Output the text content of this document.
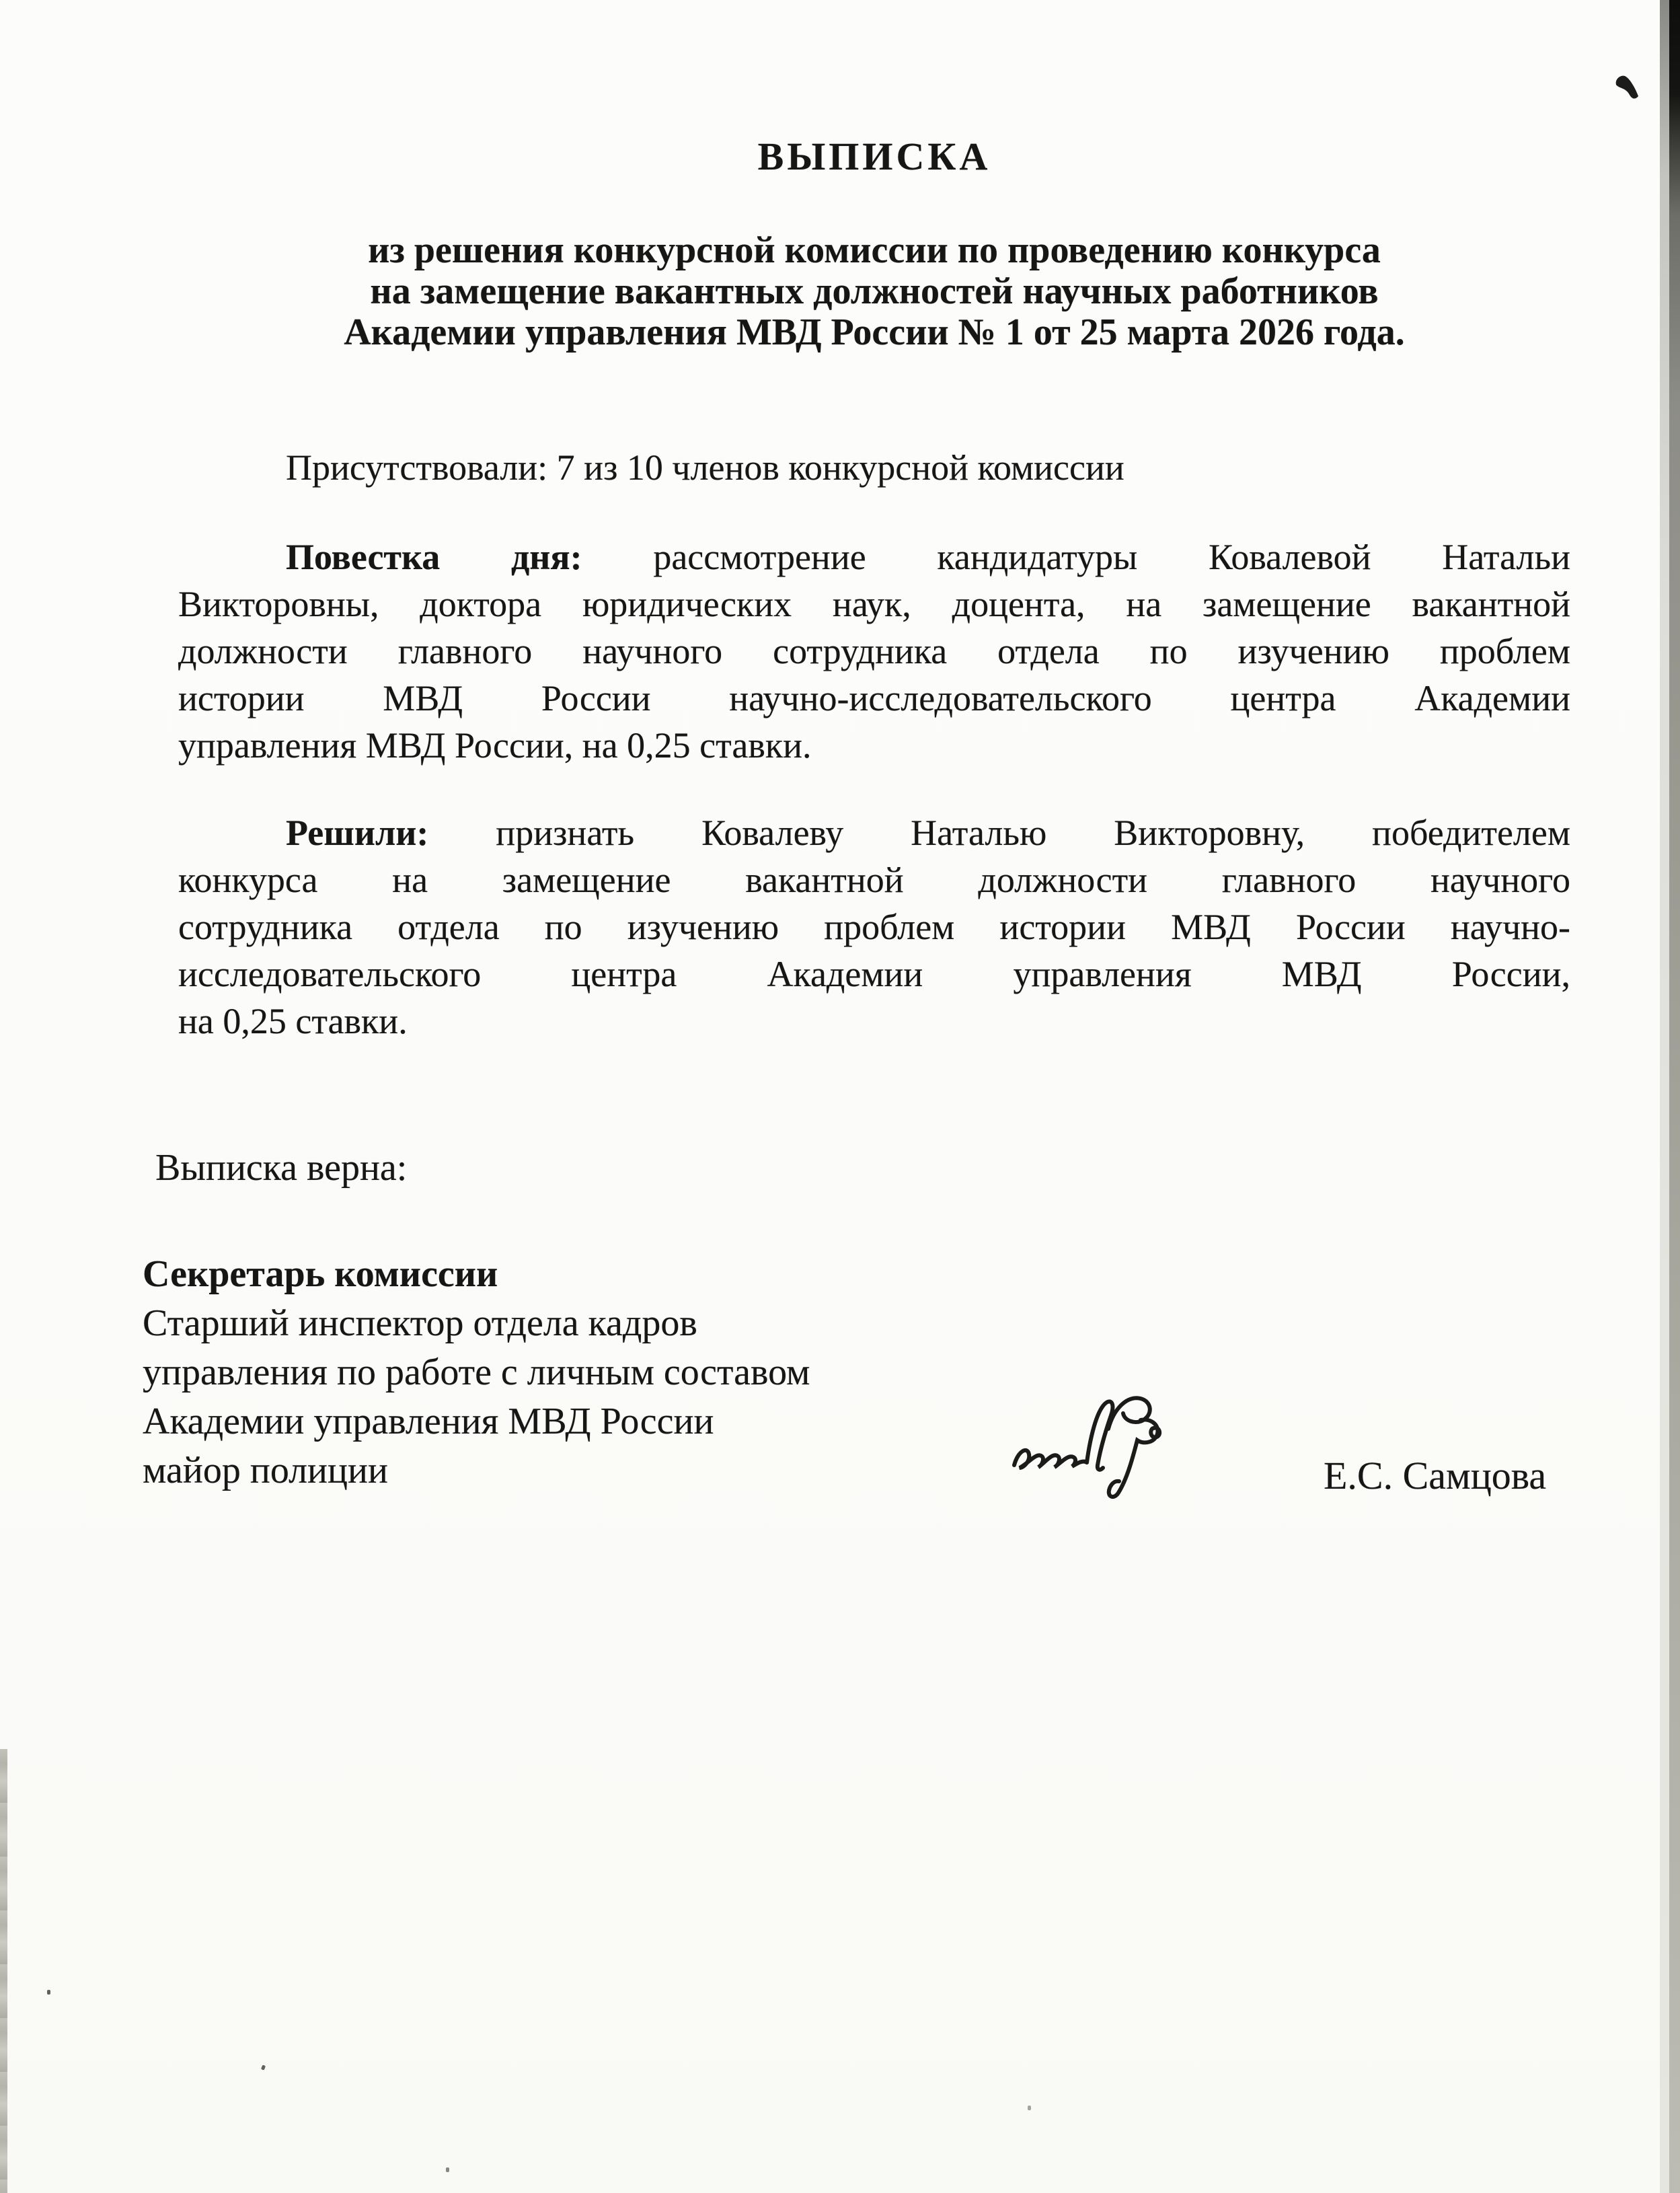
ВЫПИСКА
из решения конкурсной комиссии по проведению конкурса
на замещение вакантных должностей научных работников
Академии управления МВД России № 1 от 25 марта 2026 года.
Присутствовали: 7 из 10 членов конкурсной комиссии
Повестка дня: рассмотрение кандидатуры Ковалевой Натальи
Викторовны, доктора юридических наук, доцента, на замещение вакантной
должности главного научного сотрудника отдела по изучению проблем
истории МВД России научно-исследовательского центра Академии
управления МВД России, на 0,25 ставки.
Решили: признать Ковалеву Наталью Викторовну, победителем
конкурса на замещение вакантной должности главного научного
сотрудника отдела по изучению проблем истории МВД России научно-
исследовательского центра Академии управления МВД России,
на 0,25 ставки.
Выписка верна:
Секретарь комиссии
Старший инспектор отдела кадров
управления по работе с личным составом
Академии управления МВД России
майор полиции	Е.С. Самцова
